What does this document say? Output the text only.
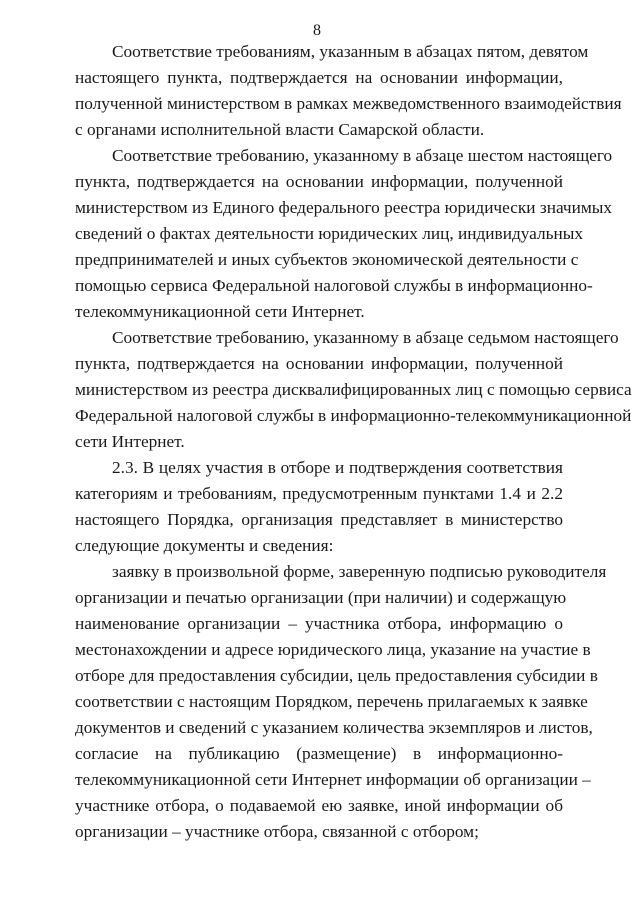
8
Соответствие требованиям, указанным в абзацах пятом, девятом
настоящего пункта, подтверждается на основании информации,
полученной министерством в рамках межведомственного взаимодействия
с органами исполнительной власти Самарской области.
Соответствие требованию, указанному в абзаце шестом настоящего
пункта, подтверждается на основании информации, полученной
министерством из Единого федерального реестра юридически значимых
сведений о фактах деятельности юридических лиц, индивидуальных
предпринимателей и иных субъектов экономической деятельности с
помощью сервиса Федеральной налоговой службы в информационно-
телекоммуникационной сети Интернет.
Соответствие требованию, указанному в абзаце седьмом настоящего
пункта, подтверждается на основании информации, полученной
министерством из реестра дисквалифицированных лиц с помощью сервиса
Федеральной налоговой службы в информационно-телекоммуникационной
сети Интернет.
2.3. В целях участия в отборе и подтверждения соответствия
категориям и требованиям, предусмотренным пунктами 1.4 и 2.2
настоящего Порядка, организация представляет в министерство
следующие документы и сведения:
заявку в произвольной форме, заверенную подписью руководителя
организации и печатью организации (при наличии) и содержащую
наименование организации – участника отбора, информацию о
местонахождении и адресе юридического лица, указание на участие в
отборе для предоставления субсидии, цель предоставления субсидии в
соответствии с настоящим Порядком, перечень прилагаемых к заявке
документов и сведений с указанием количества экземпляров и листов,
согласие на публикацию (размещение) в информационно-
телекоммуникационной сети Интернет информации об организации –
участнике отбора, о подаваемой ею заявке, иной информации об
организации – участнике отбора, связанной с отбором;
